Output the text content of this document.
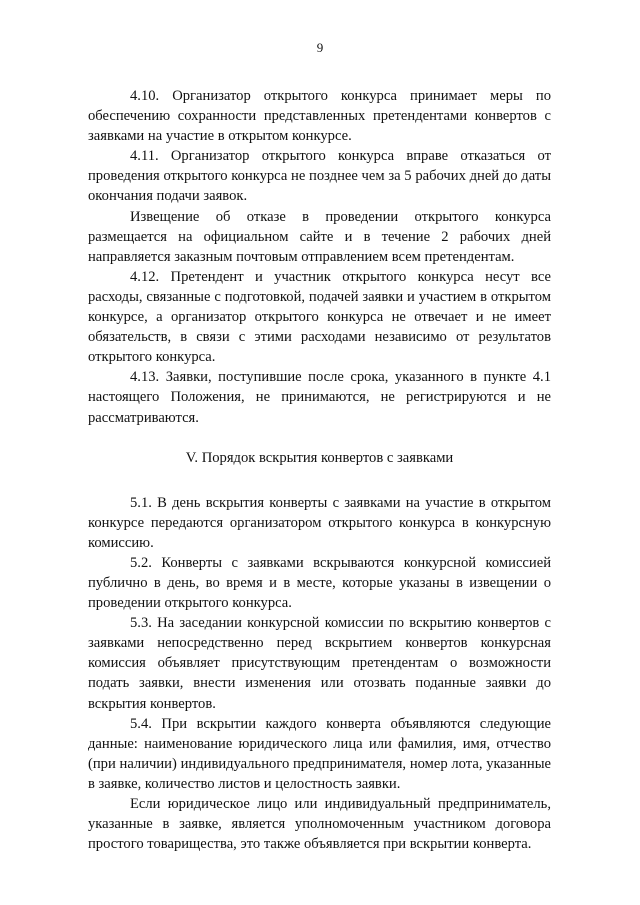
9

4.10. Организатор открытого конкурса принимает меры по обеспечению сохранности представленных претендентами конвертов с заявками на участие в открытом конкурсе.

4.11. Организатор открытого конкурса вправе отказаться от проведения открытого конкурса не позднее чем за 5 рабочих дней до даты окончания подачи заявок.

Извещение об отказе в проведении открытого конкурса размещается на официальном сайте и в течение 2 рабочих дней направляется заказным почтовым отправлением всем претендентам.

4.12. Претендент и участник открытого конкурса несут все расходы, связанные с подготовкой, подачей заявки и участием в открытом конкурсе, а организатор открытого конкурса не отвечает и не имеет обязательств, в связи с этими расходами независимо от результатов открытого конкурса.

4.13. Заявки, поступившие после срока, указанного в пункте 4.1 настоящего Положения, не принимаются, не регистрируются и не рассматриваются.

V. Порядок вскрытия конвертов с заявками

5.1. В день вскрытия конверты с заявками на участие в открытом конкурсе передаются организатором открытого конкурса в конкурсную комиссию.

5.2. Конверты с заявками вскрываются конкурсной комиссией публично в день, во время и в месте, которые указаны в извещении о проведении открытого конкурса.

5.3. На заседании конкурсной комиссии по вскрытию конвертов с заявками непосредственно перед вскрытием конвертов конкурсная комиссия объявляет присутствующим претендентам о возможности подать заявки, внести изменения или отозвать поданные заявки до вскрытия конвертов.

5.4. При вскрытии каждого конверта объявляются следующие данные: наименование юридического лица или фамилия, имя, отчество (при наличии) индивидуального предпринимателя, номер лота, указанные в заявке, количество листов и целостность заявки.

Если юридическое лицо или индивидуальный предприниматель, указанные в заявке, является уполномоченным участником договора простого товарищества, это также объявляется при вскрытии конверта.
